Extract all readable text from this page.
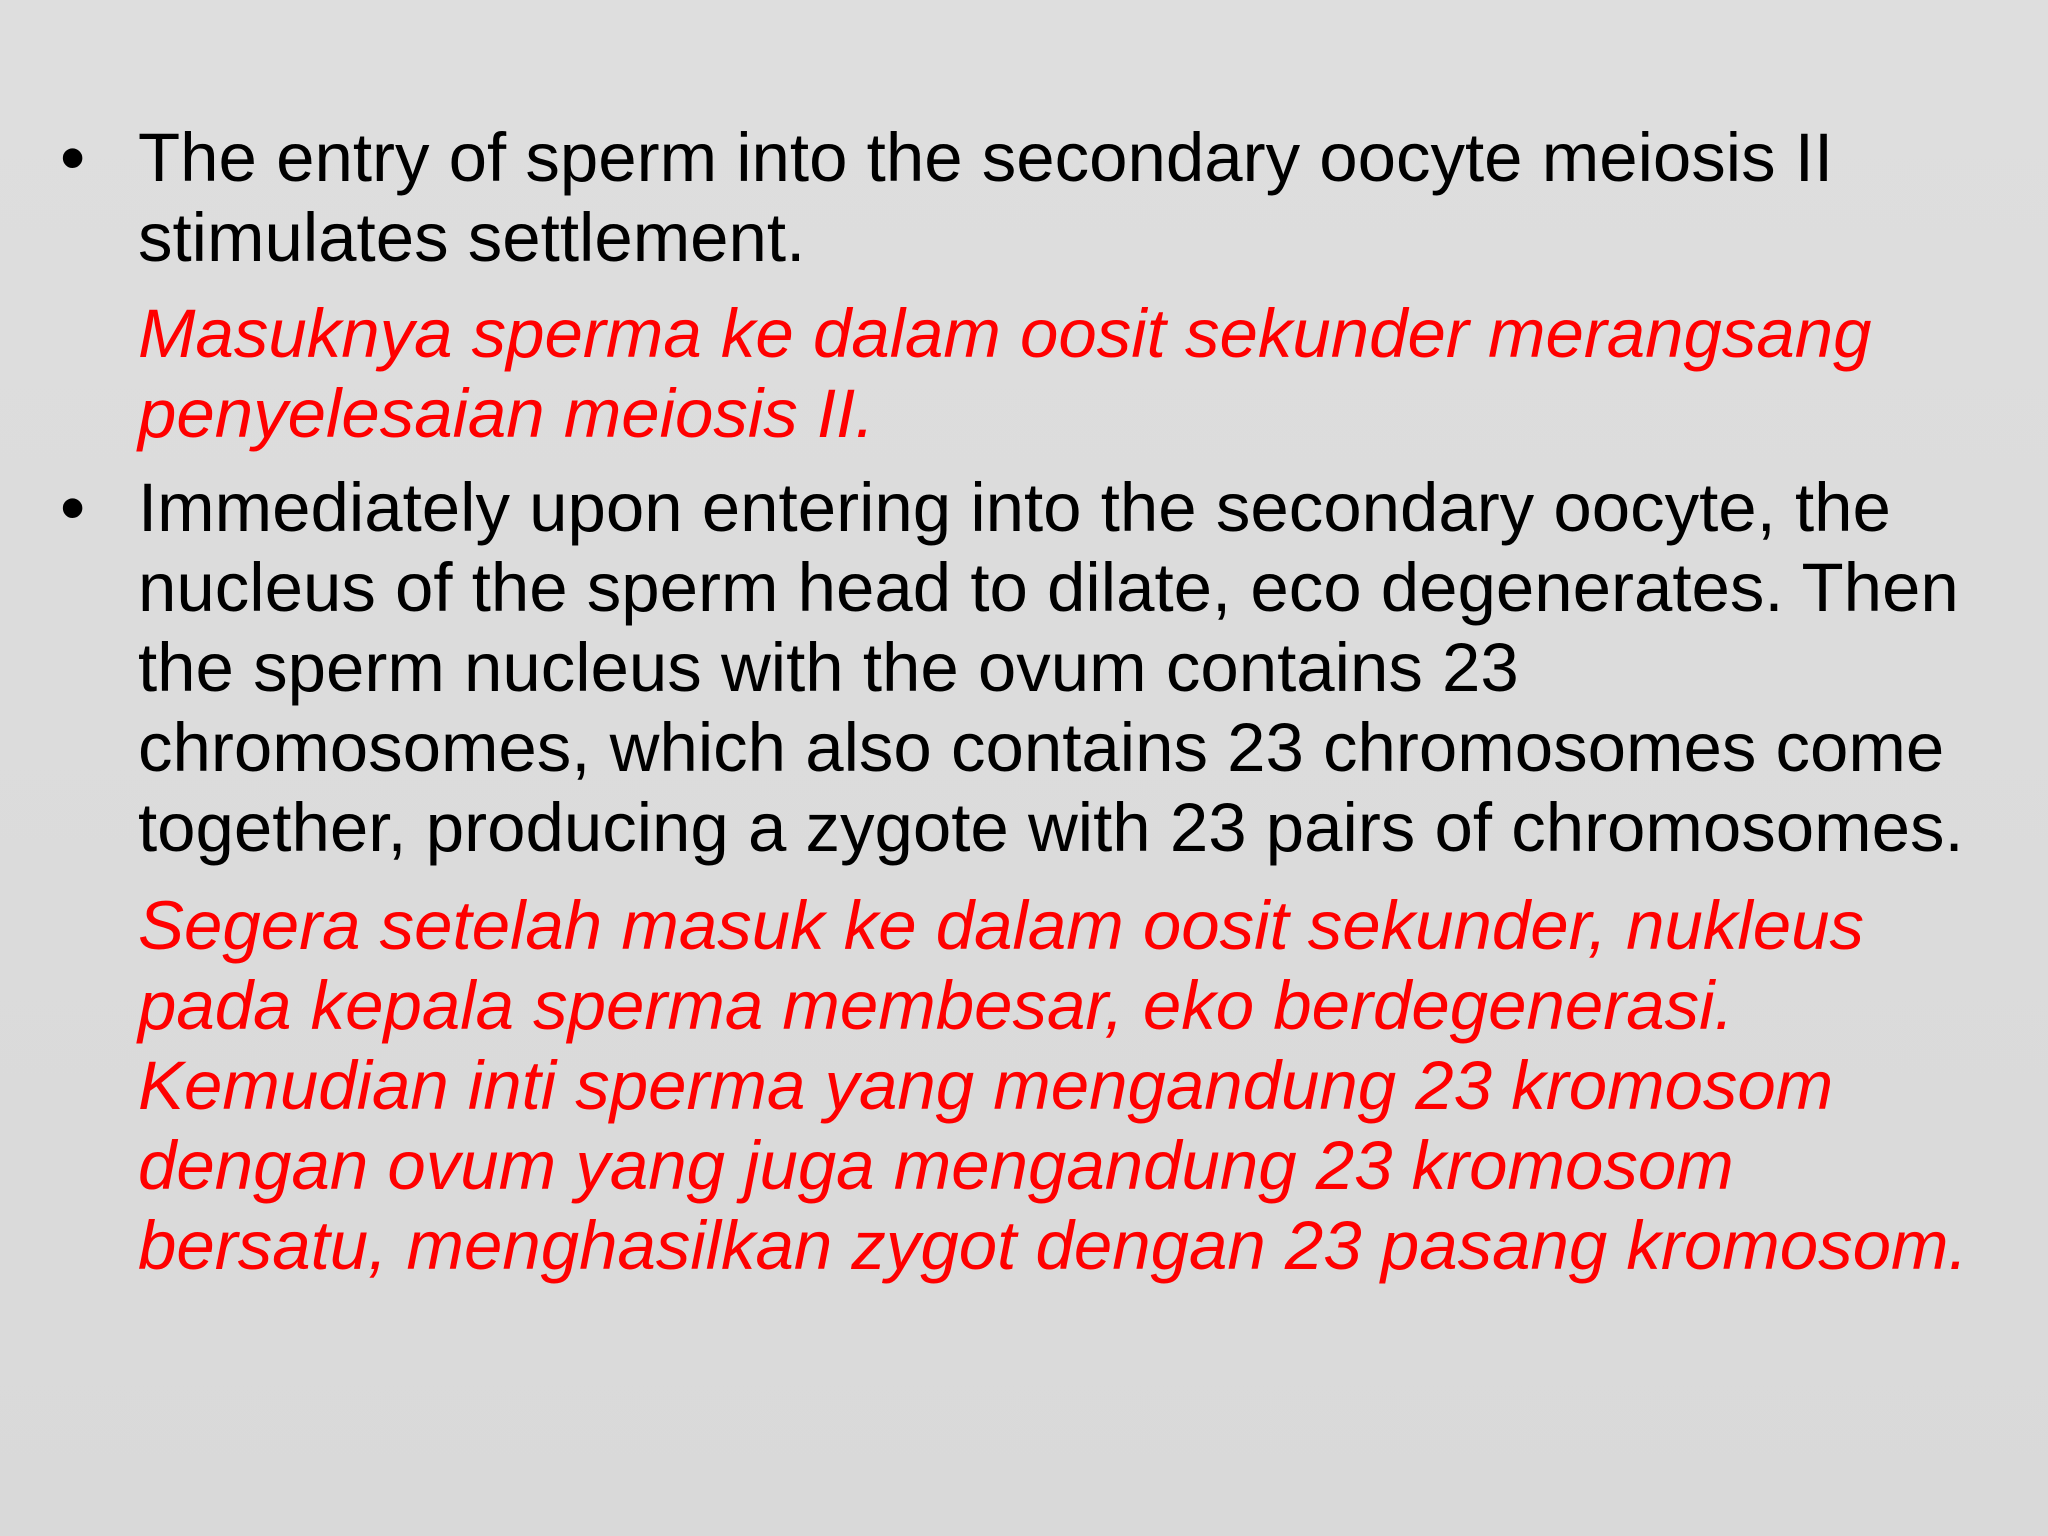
• The entry of sperm into the secondary oocyte meiosis II stimulates settlement.

Masuknya sperma ke dalam oosit sekunder merangsang penyelesaian meiosis II.

• Immediately upon entering into the secondary oocyte, the nucleus of the sperm head to dilate, eco degenerates. Then the sperm nucleus with the ovum contains 23 chromosomes, which also contains 23 chromosomes come together, producing a zygote with 23 pairs of chromosomes.

Segera setelah masuk ke dalam oosit sekunder, nukleus pada kepala sperma membesar, eko berdegenerasi. Kemudian inti sperma yang mengandung 23 kromosom dengan ovum yang juga mengandung 23 kromosom bersatu, menghasilkan zygot dengan 23 pasang kromosom.
